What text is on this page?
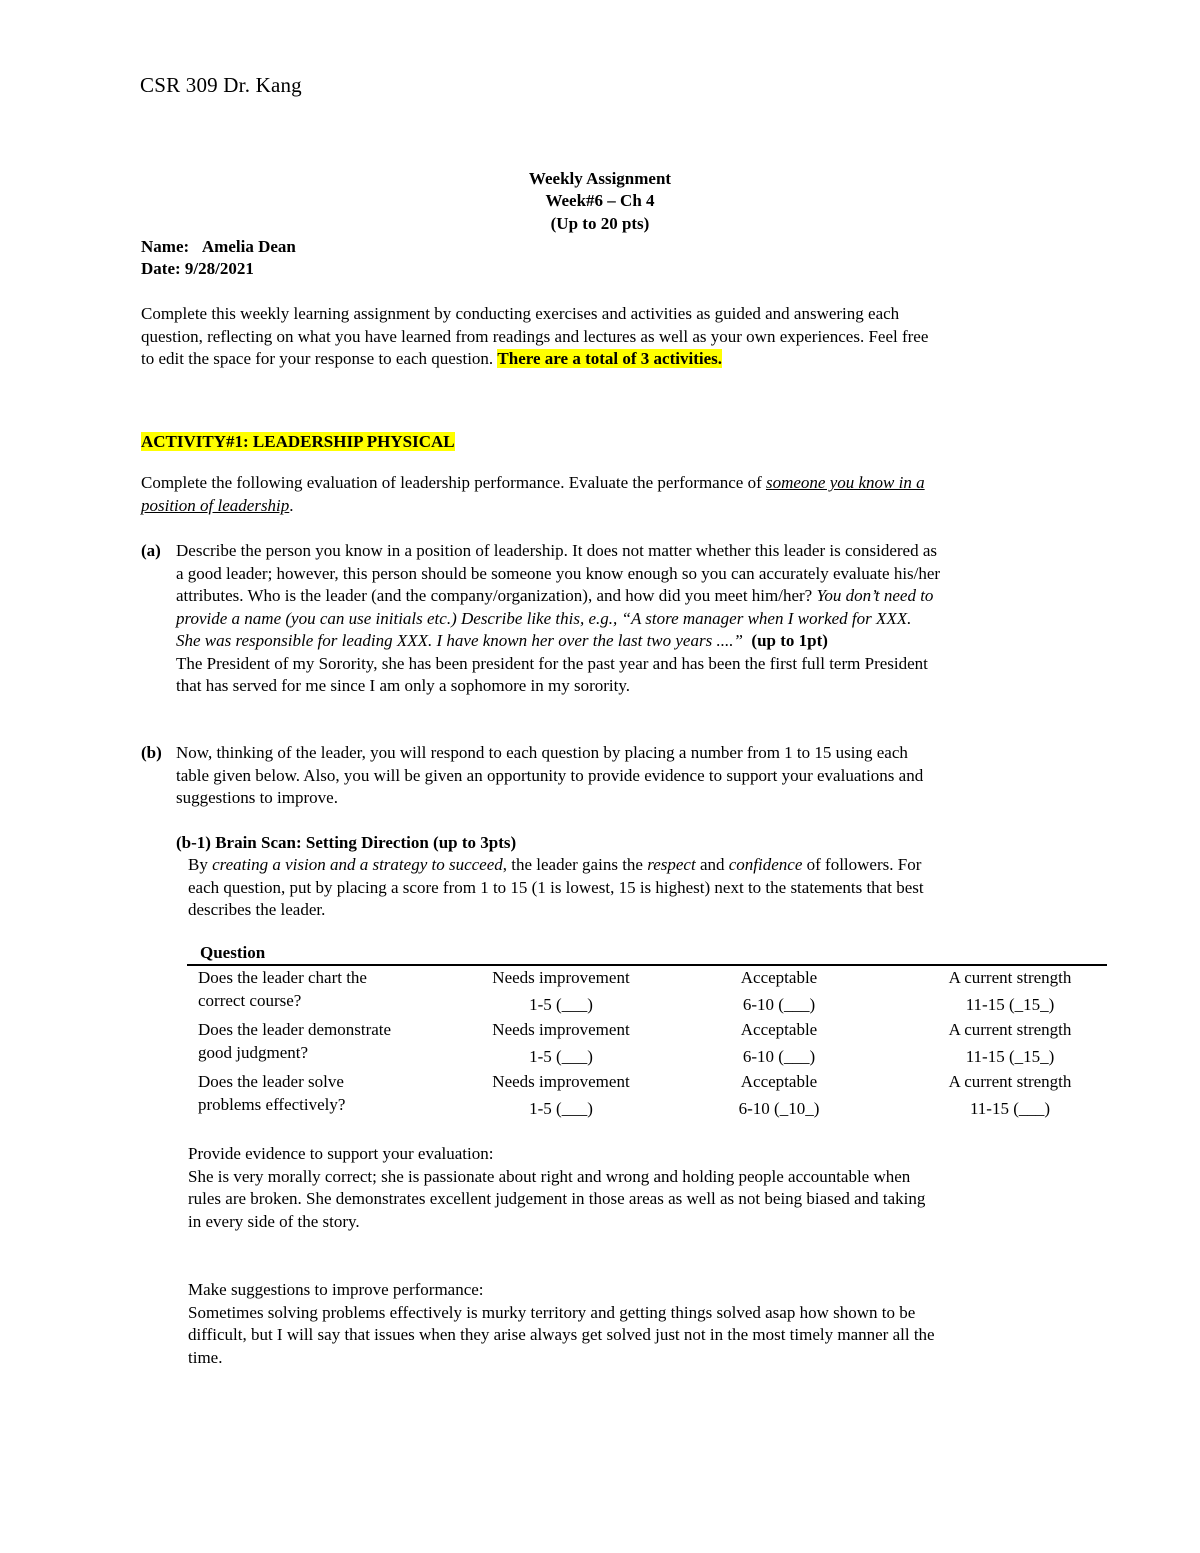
CSR 309 Dr. Kang
Weekly Assignment
Week#6 – Ch 4
(Up to 20 pts)
Name: Amelia Dean
Date: 9/28/2021
Complete this weekly learning assignment by conducting exercises and activities as guided and answering each
question, reflecting on what you have learned from readings and lectures as well as your own experiences. Feel free
to edit the space for your response to each question. There are a total of 3 activities.
ACTIVITY#1: LEADERSHIP PHYSICAL
Complete the following evaluation of leadership performance. Evaluate the performance of someone you know in a
position of leadership.
(a) Describe the person you know in a position of leadership. It does not matter whether this leader is considered as
a good leader; however, this person should be someone you know enough so you can accurately evaluate his/her
attributes. Who is the leader (and the company/organization), and how did you meet him/her? You don’t need to
provide a name (you can use initials etc.) Describe like this, e.g., “A store manager when I worked for XXX.
She was responsible for leading XXX. I have known her over the last two years ....” (up to 1pt)
The President of my Sorority, she has been president for the past year and has been the first full term President
that has served for me since I am only a sophomore in my sorority.
(b) Now, thinking of the leader, you will respond to each question by placing a number from 1 to 15 using each
table given below. Also, you will be given an opportunity to provide evidence to support your evaluations and
suggestions to improve.
(b-1) Brain Scan: Setting Direction (up to 3pts)
By creating a vision and a strategy to succeed, the leader gains the respect and confidence of followers. For
each question, put by placing a score from 1 to 15 (1 is lowest, 15 is highest) next to the statements that best
describes the leader.
Question
Does the leader chart the
correct course?
Needs improvement
1-5 (___)
Acceptable
6-10 (___)
A current strength
11-15 (_15_)
Does the leader demonstrate
good judgment?
Needs improvement
1-5 (___)
Acceptable
6-10 (___)
A current strength
11-15 (_15_)
Does the leader solve
problems effectively?
Needs improvement
1-5 (___)
Acceptable
6-10 (_10_)
A current strength
11-15 (___)
Provide evidence to support your evaluation:
She is very morally correct; she is passionate about right and wrong and holding people accountable when
rules are broken. She demonstrates excellent judgement in those areas as well as not being biased and taking
in every side of the story.
Make suggestions to improve performance:
Sometimes solving problems effectively is murky territory and getting things solved asap how shown to be
difficult, but I will say that issues when they arise always get solved just not in the most timely manner all the
time.
